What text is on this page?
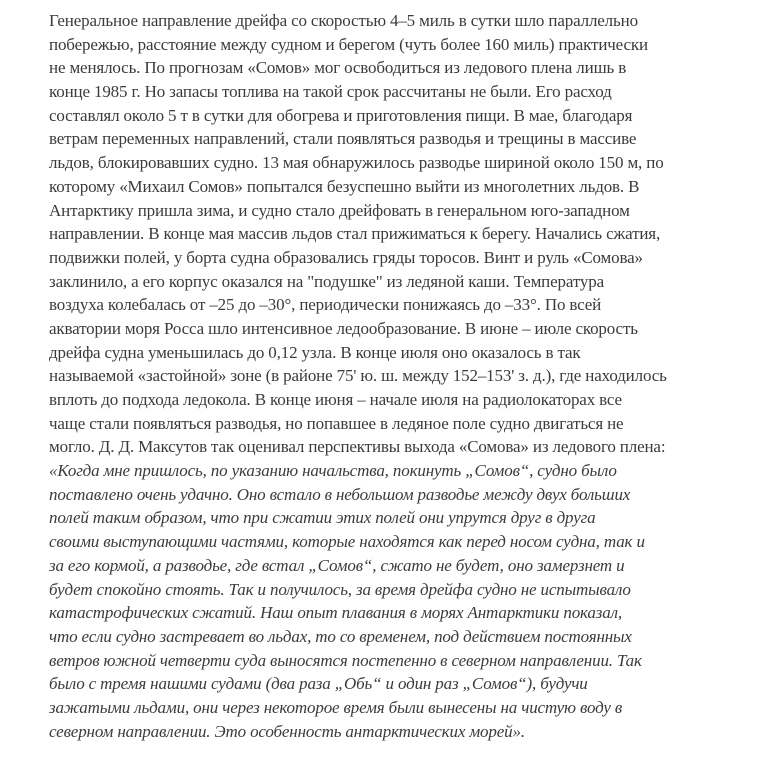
Генеральное направление дрейфа со скоростью 4–5 миль в сутки шло параллельно
побережью, расстояние между судном и берегом (чуть более 160 миль) практически
не менялось. По прогнозам «Сомов» мог освободиться из ледового плена лишь в
конце 1985 г. Но запасы топлива на такой срок рассчитаны не были. Его расход
составлял около 5 т в сутки для обогрева и приготовления пищи. В мае, благодаря
ветрам переменных направлений, стали появляться разводья и трещины в массиве
льдов, блокировавших судно. 13 мая обнаружилось разводье шириной около 150 м, по
которому «Михаил Сомов» попытался безуспешно выйти из многолетних льдов. В
Антарктику пришла зима, и судно стало дрейфовать в генеральном юго-западном
направлении. В конце мая массив льдов стал прижиматься к берегу. Начались сжатия,
подвижки полей, у борта судна образовались гряды торосов. Винт и руль «Сомова»
заклинило, а его корпус оказался на "подушке" из ледяной каши. Температура
воздуха колебалась от –25 до –30°, периодически понижаясь до –33°. По всей
акватории моря Росса шло интенсивное ледообразование. В июне – июле скорость
дрейфа судна уменьшилась до 0,12 узла. В конце июля оно оказалось в так
называемой «застойной» зоне (в районе 75' ю. ш. между 152–153' з. д.), где находилось
вплоть до подхода ледокола. В конце июня – начале июля на радиолокаторах все
чаще стали появляться разводья, но попавшее в ледяное поле судно двигаться не
могло. Д. Д. Максутов так оценивал перспективы выхода «Сомова» из ледового плена:
«Когда мне пришлось, по указанию начальства, покинуть „Сомов“, судно было
поставлено очень удачно. Оно встало в небольшом разводье между двух больших
полей таким образом, что при сжатии этих полей они упрутся друг в друга
своими выступающими частями, которые находятся как перед носом судна, так и
за его кормой, а разводье, где встал „Сомов“, сжато не будет, оно замерзнет и
будет спокойно стоять. Так и получилось, за время дрейфа судно не испытывало
катастрофических сжатий. Наш опыт плавания в морях Антарктики показал,
что если судно застревает во льдах, то со временем, под действием постоянных
ветров южной четверти суда выносятся постепенно в северном направлении. Так
было с тремя нашими судами (два раза „Обь“ и один раз „Сомов“), будучи
зажатыми льдами, они через некоторое время были вынесены на чистую воду в
северном направлении. Это особенность антарктических морей».
